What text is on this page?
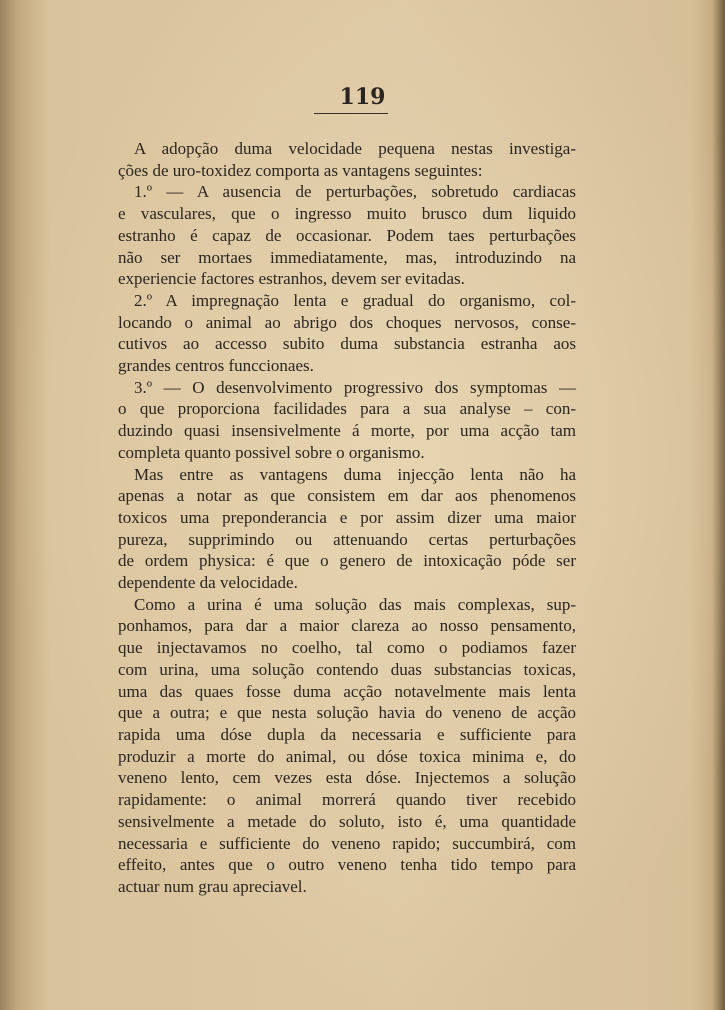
119
A adopção duma velocidade pequena nestas investiga-
ções de uro-toxidez comporta as vantagens seguintes:
1.º — A ausencia de perturbações, sobretudo cardiacas
e vasculares, que o ingresso muito brusco dum liquido
estranho é capaz de occasionar. Podem taes perturbações
não ser mortaes immediatamente, mas, introduzindo na
experiencie factores estranhos, devem ser evitadas.
2.º A impregnação lenta e gradual do organismo, col-
locando o animal ao abrigo dos choques nervosos, conse-
cutivos ao accesso subito duma substancia estranha aos
grandes centros funccionaes.
3.º — O desenvolvimento progressivo dos symptomas —
o que proporciona facilidades para a sua analyse – con-
duzindo quasi insensivelmente á morte, por uma acção tam
completa quanto possivel sobre o organismo.
Mas entre as vantagens duma injecção lenta não ha
apenas a notar as que consistem em dar aos phenomenos
toxicos uma preponderancia e por assim dizer uma maior
pureza, supprimindo ou attenuando certas perturbações
de ordem physica: é que o genero de intoxicação póde ser
dependente da velocidade.
Como a urina é uma solução das mais complexas, sup-
ponhamos, para dar a maior clareza ao nosso pensamento,
que injectavamos no coelho, tal como o podiamos fazer
com urina, uma solução contendo duas substancias toxicas,
uma das quaes fosse duma acção notavelmente mais lenta
que a outra; e que nesta solução havia do veneno de acção
rapida uma dóse dupla da necessaria e sufficiente para
produzir a morte do animal, ou dóse toxica minima e, do
veneno lento, cem vezes esta dóse. Injectemos a solução
rapidamente: o animal morrerá quando tiver recebido
sensivelmente a metade do soluto, isto é, uma quantidade
necessaria e sufficiente do veneno rapido; succumbirá, com
effeito, antes que o outro veneno tenha tido tempo para
actuar num grau apreciavel.
